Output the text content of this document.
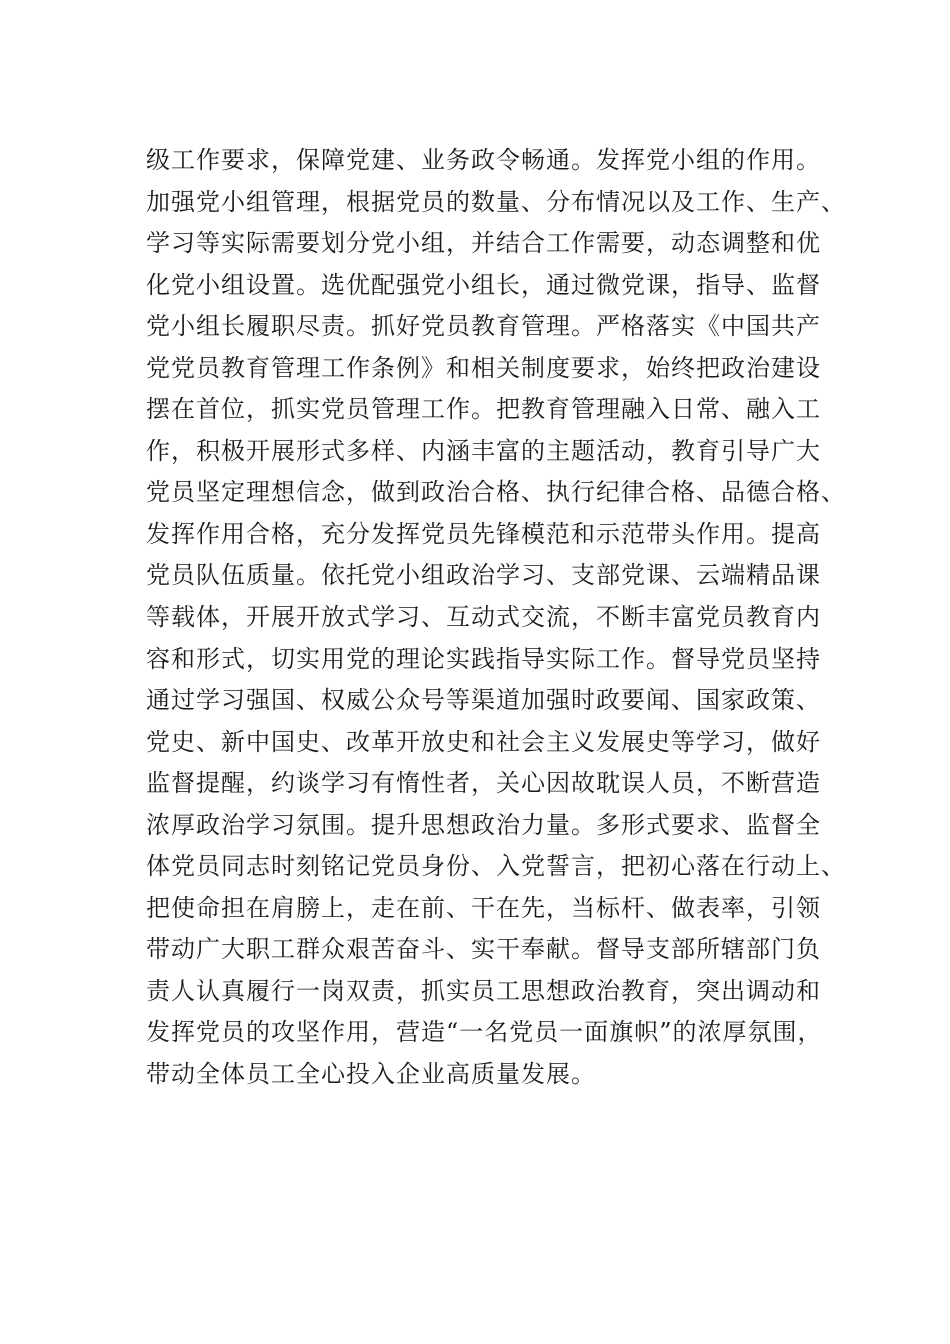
级工作要求，保障党建、业务政令畅通。发挥党小组的作用。
加强党小组管理，根据党员的数量、分布情况以及工作、生产、
学习等实际需要划分党小组，并结合工作需要，动态调整和优
化党小组设置。选优配强党小组长，通过微党课，指导、监督
党小组长履职尽责。抓好党员教育管理。严格落实《中国共产
党党员教育管理工作条例》和相关制度要求，始终把政治建设
摆在首位，抓实党员管理工作。把教育管理融入日常、融入工
作，积极开展形式多样、内涵丰富的主题活动，教育引导广大
党员坚定理想信念，做到政治合格、执行纪律合格、品德合格、
发挥作用合格，充分发挥党员先锋模范和示范带头作用。提高
党员队伍质量。依托党小组政治学习、支部党课、云端精品课
等载体，开展开放式学习、互动式交流，不断丰富党员教育内
容和形式，切实用党的理论实践指导实际工作。督导党员坚持
通过学习强国、权威公众号等渠道加强时政要闻、国家政策、
党史、新中国史、改革开放史和社会主义发展史等学习，做好
监督提醒，约谈学习有惰性者，关心因故耽误人员，不断营造
浓厚政治学习氛围。提升思想政治力量。多形式要求、监督全
体党员同志时刻铭记党员身份、入党誓言，把初心落在行动上、
把使命担在肩膀上，走在前、干在先，当标杆、做表率，引领
带动广大职工群众艰苦奋斗、实干奉献。督导支部所辖部门负
责人认真履行一岗双责，抓实员工思想政治教育，突出调动和
发挥党员的攻坚作用，营造“一名党员一面旗帜”的浓厚氛围，
带动全体员工全心投入企业高质量发展。
